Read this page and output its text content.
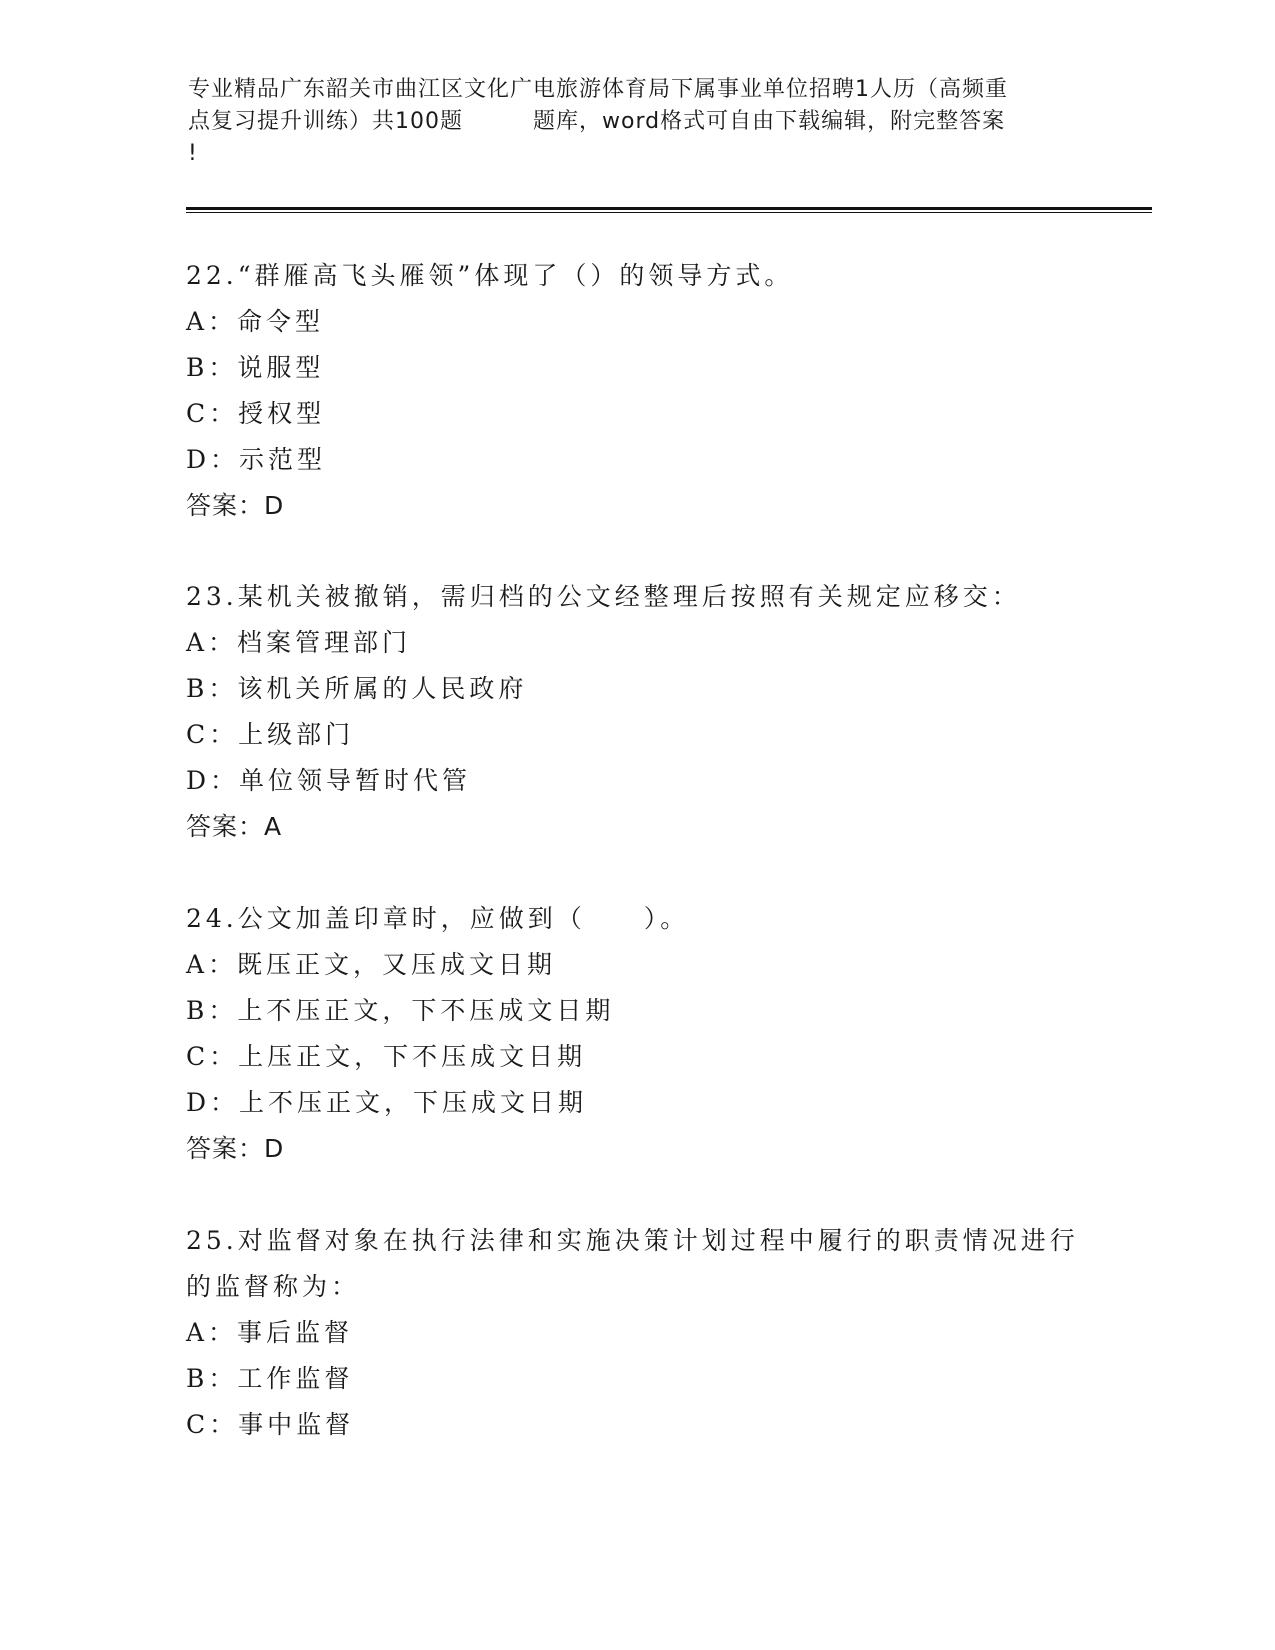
专业精品广东韶关市曲江区文化广电旅游体育局下属事业单位招聘1人历（高频重
点复习提升训练）共100题	题库，word格式可自由下载编辑，附完整答案
!
22.“群雁高飞头雁领”体现了（）的领导方式。
A：命令型
B：说服型
C：授权型
D：示范型
答案：D
23.某机关被撤销，需归档的公文经整理后按照有关规定应移交：
A：档案管理部门
B：该机关所属的人民政府
C：上级部门
D：单位领导暂时代管
答案：A
24.公文加盖印章时，应做到（　　）。
A：既压正文，又压成文日期
B：上不压正文，下不压成文日期
C：上压正文，下不压成文日期
D：上不压正文，下压成文日期
答案：D
25.对监督对象在执行法律和实施决策计划过程中履行的职责情况进行
的监督称为：
A：事后监督
B：工作监督
C：事中监督
